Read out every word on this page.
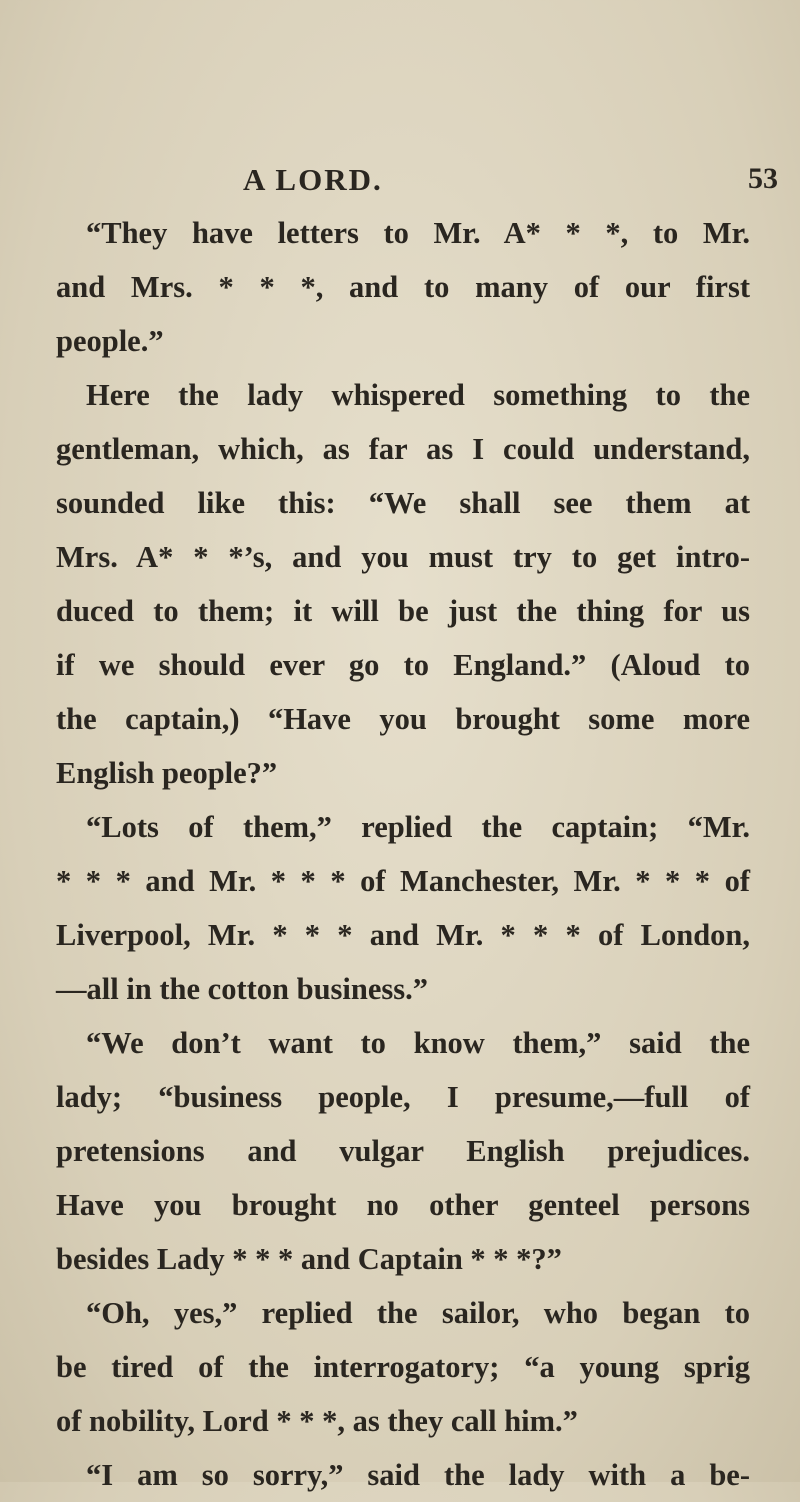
A LORD.	53
“They have letters to Mr. A* * *, to Mr.
and Mrs. * * *, and to many of our first
people.”
Here the lady whispered something to the
gentleman, which, as far as I could understand,
sounded like this: “We shall see them at
Mrs. A* * *’s, and you must try to get intro-
duced to them; it will be just the thing for us
if we should ever go to England.” (Aloud to
the captain,) “Have you brought some more
English people?”
“Lots of them,” replied the captain; “Mr.
* * * and Mr. * * * of Manchester, Mr. * * * of
Liverpool, Mr. * * * and Mr. * * * of London,
—all in the cotton business.”
“We don’t want to know them,” said the
lady; “business people, I presume,—full of
pretensions and vulgar English prejudices.
Have you brought no other genteel persons
besides Lady * * * and Captain * * *?”
“Oh, yes,” replied the sailor, who began to
be tired of the interrogatory; “a young sprig
of nobility, Lord * * *, as they call him.”
“I am so sorry,” said the lady with a be-
